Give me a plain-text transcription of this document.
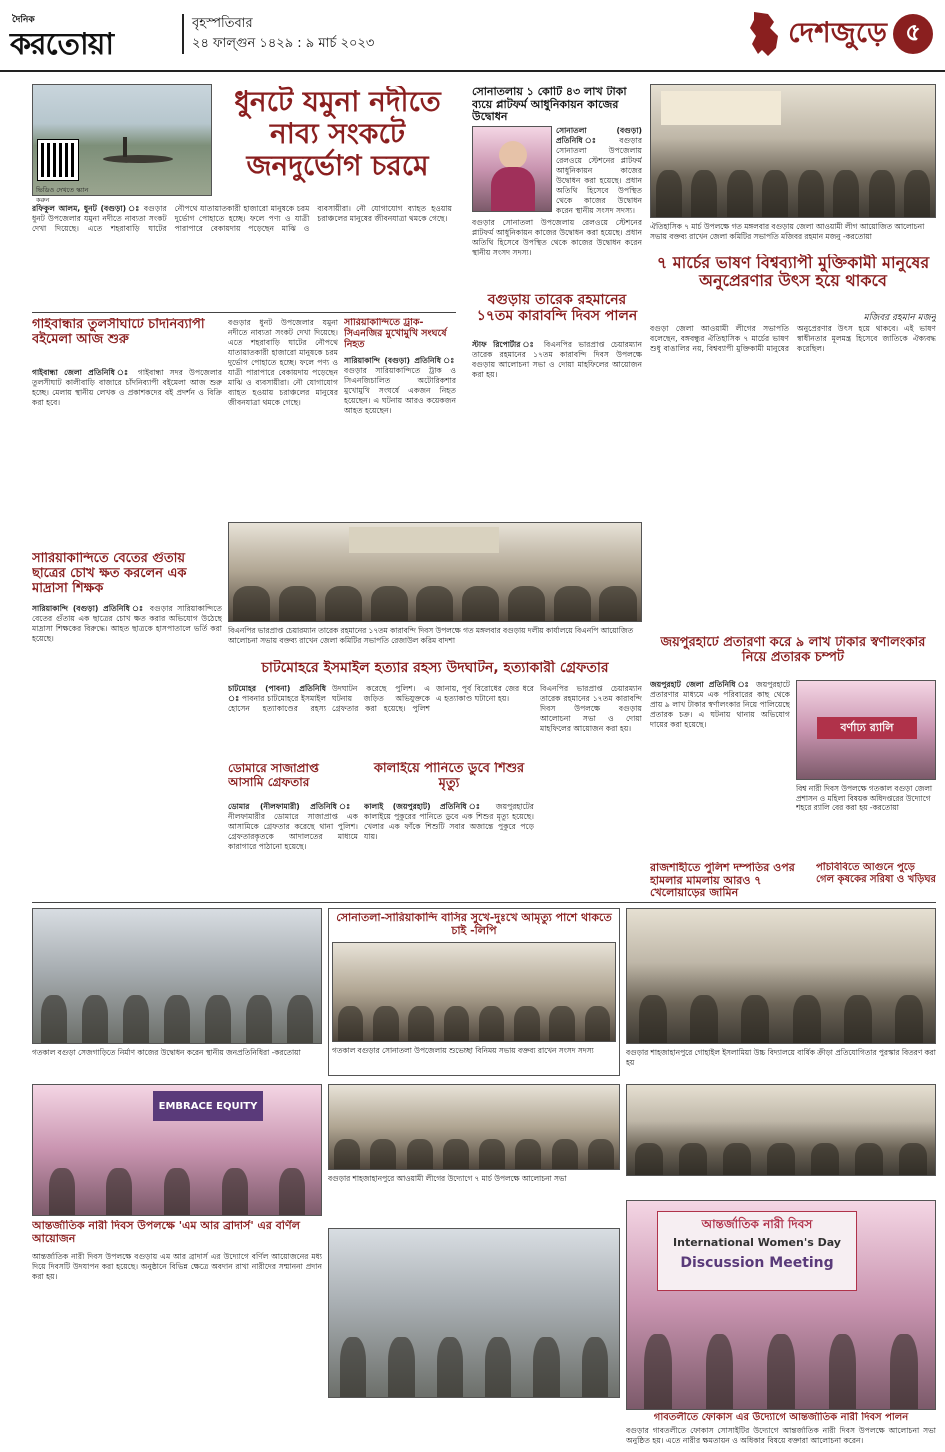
দৈনিক
করতোয়া
বৃহস্পতিবার
২৪ ফাল্গুন ১৪২৯ : ৯ মার্চ ২০২৩	দেশজুড়ে ৫
ভিডিও দেখতে স্ক্যান করুন
ধুনটে যমুনা নদীতে নাব্য সংকটে জনদুর্ভোগ চরমে
রফিকুল আলম, ধুনট (বগুড়া) ঃ বগুড়ার ধুনট উপজেলার যমুনা নদীতে নাব্যতা সংকট দেখা দিয়েছে। এতে শহরাবাড়ি ঘাটের নৌপথে যাতায়াতকারী হাজারো মানুষকে চরম দুর্ভোগ পোহাতে হচ্ছে। ফলে পণ্য ও যাত্রী পারাপারে বেকায়দায় পড়েছেন মাঝি ও ব্যবসায়ীরা। নৌ যোগাযোগ ব্যাহত হওয়ায় চরাঞ্চলের মানুষের জীবনযাত্রা থমকে গেছে।
সোনাতলায় ১ কোটি ৪৩ লাখ টাকা ব্যয়ে প্লাটফর্ম আধুনিকায়ন কাজের উদ্বোধন
সোনাতলা (বগুড়া) প্রতিনিধি ঃ বগুড়ার সোনাতলা উপজেলায় রেলওয়ে স্টেশনের প্লাটফর্ম আধুনিকায়ন কাজের উদ্বোধন করা হয়েছে। প্রধান অতিথি হিসেবে উপস্থিত থেকে কাজের উদ্বোধন করেন স্থানীয় সংসদ সদস্য।
ঐতিহাসিক ৭ মার্চ উপলক্ষে গত মঙ্গলবার বগুড়ায় জেলা আওয়ামী লীগ আয়োজিত আলোচনা সভায় বক্তব্য রাখেন জেলা কমিটির সভাপতি মজিবর রহমান মজনু -করতোয়া
৭ মার্চের ভাষণ বিশ্বব্যাপী মুক্তিকামী মানুষের অনুপ্রেরণার উৎস হয়ে থাকবে
মজিবর রহমান মজনু
বগুড়া জেলা আওয়ামী লীগের সভাপতি বলেছেন, বঙ্গবন্ধুর ঐতিহাসিক ৭ মার্চের ভাষণ শুধু বাঙালির নয়, বিশ্বব্যাপী মুক্তিকামী মানুষের অনুপ্রেরণার উৎস হয়ে থাকবে। এই ভাষণ স্বাধীনতার মূলমন্ত্র হিসেবে জাতিকে ঐক্যবদ্ধ করেছিল।
বগুড়ার সোনাতলা উপজেলায় রেলওয়ে স্টেশনের প্লাটফর্ম আধুনিকায়ন কাজের উদ্বোধন করা হয়েছে। প্রধান অতিথি হিসেবে উপস্থিত থেকে কাজের উদ্বোধন করেন স্থানীয় সংসদ সদস্য।
বগুড়ায় তারেক রহমানের ১৭তম কারাবন্দি দিবস পালন
স্টাফ রিপোর্টার ঃ বিএনপির ভারপ্রাপ্ত চেয়ারম্যান তারেক রহমানের ১৭তম কারাবন্দি দিবস উপলক্ষে বগুড়ায় আলোচনা সভা ও দোয়া মাহফিলের আয়োজন করা হয়।
গাইবান্ধার তুলসীঘাটে চাঁদনিব্যাপী বইমেলা আজ শুরু
গাইবান্ধা জেলা প্রতিনিধি ঃ গাইবান্ধা সদর উপজেলার তুলসীঘাট কালীবাড়ি বাজারে চাঁদনিব্যাপী বইমেলা আজ শুরু হচ্ছে। মেলায় স্থানীয় লেখক ও প্রকাশকদের বই প্রদর্শন ও বিক্রি করা হবে।
সারিয়াকান্দিতে বেতের গুঁতায় ছাত্রের চোখ ক্ষত করলেন এক মাদ্রাসা শিক্ষক
সারিয়াকান্দি (বগুড়া) প্রতিনিধি ঃ বগুড়ার সারিয়াকান্দিতে বেতের গুঁতায় এক ছাত্রের চোখ ক্ষত করার অভিযোগ উঠেছে মাদ্রাসা শিক্ষকের বিরুদ্ধে। আহত ছাত্রকে হাসপাতালে ভর্তি করা হয়েছে।
বগুড়ার ধুনট উপজেলার যমুনা নদীতে নাব্যতা সংকট দেখা দিয়েছে। এতে শহরাবাড়ি ঘাটের নৌপথে যাতায়াতকারী হাজারো মানুষকে চরম দুর্ভোগ পোহাতে হচ্ছে। ফলে পণ্য ও যাত্রী পারাপারে বেকায়দায় পড়েছেন মাঝি ও ব্যবসায়ীরা। নৌ যোগাযোগ ব্যাহত হওয়ায় চরাঞ্চলের মানুষের জীবনযাত্রা থমকে গেছে।
সারিয়াকান্দিতে ট্রাক-সিএনজির মুখোমুখি সংঘর্ষে নিহত
সারিয়াকান্দি (বগুড়া) প্রতিনিধি ঃ বগুড়ার সারিয়াকান্দিতে ট্রাক ও সিএনজিচালিত অটোরিকশার মুখোমুখি সংঘর্ষে একজন নিহত হয়েছেন। এ ঘটনায় আরও কয়েকজন আহত হয়েছেন।
বিএনপির ভারপ্রাপ্ত চেয়ারম্যান তারেক রহমানের ১৭তম কারাবন্দি দিবস উপলক্ষে গত মঙ্গলবার বগুড়ায় দলীয় কার্যালয়ে বিএনপি আয়োজিত আলোচনা সভায় বক্তব্য রাখেন জেলা কমিটির সভাপতি রেজাউল করিম বাদশা
চাটমোহরে ইসমাইল হত্যার রহস্য উদঘাটন, হত্যাকারী গ্রেফতার
চাটমোহর (পাবনা) প্রতিনিধি ঃ পাবনার চাটমোহরে ইসমাইল হোসেন হত্যাকাণ্ডের রহস্য উদঘাটন করেছে পুলিশ। এ ঘটনায় জড়িত অভিযুক্তকে গ্রেফতার করা হয়েছে। পুলিশ জানায়, পূর্ব বিরোধের জের ধরে এ হত্যাকাণ্ড ঘটানো হয়।
জয়পুরহাটে প্রতারণা করে ৯ লাখ টাকার স্বর্ণালংকার নিয়ে প্রতারক চম্পট
জয়পুরহাট জেলা প্রতিনিধি ঃ জয়পুরহাটে প্রতারণার মাধ্যমে এক পরিবারের কাছ থেকে প্রায় ৯ লাখ টাকার স্বর্ণালংকার নিয়ে পালিয়েছে প্রতারক চক্র। এ ঘটনায় থানায় অভিযোগ দায়ের করা হয়েছে।	বর্ণাঢ্য র‍্যালি
বিশ্ব নারী দিবস উপলক্ষে গতকাল বগুড়া জেলা প্রশাসন ও মহিলা বিষয়ক অধিদপ্তরের উদ্যোগে শহরে র‍্যালি বের করা হয় -করতোয়া
ডোমারে সাজাপ্রাপ্ত আসামি গ্রেফতার
ডোমার (নীলফামারী) প্রতিনিধি ঃ নীলফামারীর ডোমারে সাজাপ্রাপ্ত এক আসামিকে গ্রেফতার করেছে থানা পুলিশ। গ্রেফতারকৃতকে আদালতের মাধ্যমে কারাগারে পাঠানো হয়েছে।
কালাইয়ে পানিতে ডুবে শিশুর মৃত্যু
কালাই (জয়পুরহাট) প্রতিনিধি ঃ জয়পুরহাটের কালাইয়ে পুকুরের পানিতে ডুবে এক শিশুর মৃত্যু হয়েছে। খেলার এক ফাঁকে শিশুটি সবার অজান্তে পুকুরে পড়ে যায়।
বিএনপির ভারপ্রাপ্ত চেয়ারম্যান তারেক রহমানের ১৭তম কারাবন্দি দিবস উপলক্ষে বগুড়ায় আলোচনা সভা ও দোয়া মাহফিলের আয়োজন করা হয়।
রাজশাহীতে পুলিশ দম্পতির ওপর হামলার মামলায় আরও ৭ খেলোয়াড়ের জামিন
পাঁচবিবিতে আগুনে পুড়ে গেল কৃষকের সরিষা ও খড়িঘর
গতকাল বগুড়া সেজগাড়িতে নির্মাণ কাজের উদ্বোধন করেন স্থানীয় জনপ্রতিনিধিরা -করতোয়া
সোনাতলা-সারিয়াকান্দি বাসির সুখে-দুঃখে আমৃত্যু পাশে থাকতে চাই -লিপি
গতকাল বগুড়ার সোনাতলা উপজেলায় শুভেচ্ছা বিনিময় সভায় বক্তব্য রাখেন সংসদ সদস্য	বগুড়ার শাহজাহানপুরে গোহাইল ইসলামিয়া উচ্চ বিদ্যালয়ে বার্ষিক ক্রীড়া প্রতিযোগিতার পুরস্কার বিতরণ করা হয়
EMBRACE EQUITY
আন্তর্জাতিক নারী দিবস উপলক্ষে 'এম আর ব্রাদার্স' এর বর্ণিল আয়োজন
আন্তর্জাতিক নারী দিবস উপলক্ষে বগুড়ায় এম আর ব্রাদার্স এর উদ্যোগে বর্ণিল আয়োজনের মধ্য দিয়ে দিবসটি উদযাপন করা হয়েছে। অনুষ্ঠানে বিভিন্ন ক্ষেত্রে অবদান রাখা নারীদের সম্মাননা প্রদান করা হয়।
বগুড়ার শাহজাহানপুরে আওয়ামী লীগের উদ্যোগে ৭ মার্চ উপলক্ষে আলোচনা সভা
আন্তর্জাতিক নারী দিবস
International Women's Day
Discussion Meeting
গাবতলীতে ফোকাস এর উদ্যোগে আন্তর্জাতিক নারী দিবস পালন
বগুড়ার গাবতলীতে ফোকাস সোসাইটির উদ্যোগে আন্তর্জাতিক নারী দিবস উপলক্ষে আলোচনা সভা অনুষ্ঠিত হয়। এতে নারীর ক্ষমতায়ন ও অধিকার বিষয়ে বক্তারা আলোচনা করেন।
